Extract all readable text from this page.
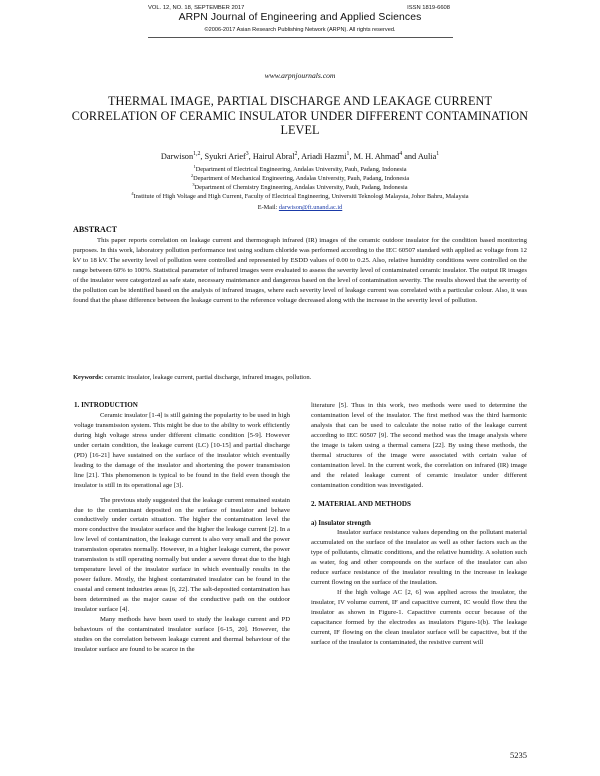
VOL. 12, NO. 18, SEPTEMBER 2017	ISSN 1819-6608
ARPN Journal of Engineering and Applied Sciences
©2006-2017 Asian Research Publishing Network (ARPN). All rights reserved.
www.arpnjournals.com
THERMAL IMAGE, PARTIAL DISCHARGE AND LEAKAGE CURRENT CORRELATION OF CERAMIC INSULATOR UNDER DIFFERENT CONTAMINATION LEVEL
Darwison$^{1,2}$, Syukri Arief$^3$, Hairul Abral$^2$, Ariadi Hazmi$^1$, M. H. Ahmad$^4$ and Aulia$^1$
$^1$Department of Electrical Engineering, Andalas University, Pauh, Padang, Indonesia
$^2$Department of Mechanical Engineering, Andalas University, Pauh, Padang, Indonesia
$^3$Department of Chemistry Engineering, Andalas University, Pauh, Padang, Indonesia
$^4$Institute of High Voltage and High Current, Faculty of Electrical Engineering, Universiti Teknologi Malaysia, Johor Bahru, Malaysia
E-Mail: darwison@ft.unand.ac.id
ABSTRACT
This paper reports correlation on leakage current and thermograph infrared (IR) images of the ceramic outdoor insulator for the condition based monitoring purposes. In this work, laboratory pollution performance test using sodium chloride was performed according to the IEC 60507 standard with applied ac voltage from 12 kV to 18 kV. The severity level of pollution were controlled and represented by ESDD values of 0.00 to 0.25. Also, relative humidity conditions were controlled on the range between 60% to 100%. Statistical parameter of infrared images were evaluated to assess the severity level of contaminated ceramic insulator. The output IR images of the insulator were categorized as safe state, necessary maintenance and dangerous based on the level of contamination severity. The results showed that the severity of the pollution can be identified based on the analysis of infrared images, where each severity level of leakage current was correlated with a particular colour. Also, it was found that the phase difference between the leakage current to the reference voltage decreased along with the increase in the severity level of pollution.
Keywords: ceramic insulator, leakage current, partial discharge, infrared images, pollution.

1. INTRODUCTION

Ceramic insulator [1-4] is still gaining the popularity to be used in high voltage transmission system. This might be due to the ability to work efficiently during high voltage stress under different climatic condition [5-9]. However under certain condition, the leakage current (LC) [10-15] and partial discharge (PD) [16-21] have sustained on the surface of the insulator which eventually leading to the damage of the insulator and shortening the power transmission line [21]. This phenomenon is typical to be found in the field even though the insulator is still in its operational age [3].

The previous study suggested that the leakage current remained sustain due to the contaminant deposited on the surface of insulator and behave conductively under certain situation. The higher the contamination level the more conductive the insulator surface and the higher the leakage current [2]. In a low level of contamination, the leakage current is also very small and the power transmission operates normally. However, in a higher leakage current, the power transmission is still operating normally but under a severe threat due to the high temperature level of the insulator surface in which eventually results in the power failure. Mostly, the highest contaminated insulator can be found in the coastal and cement industries areas [6, 22]. The salt-deposited contamination has been determined as the major cause of the conductive path on the outdoor insulator surface [4].

Many methods have been used to study the leakage current and PD behaviours of the contaminated insulator surface [6-15, 20]. However, the studies on the correlation between leakage current and thermal behaviour of the insulator surface are found to be scarce in the

literature [5]. Thus in this work, two methods were used to determine the contamination level of the insulator. The first method was the third harmonic analysis that can be used to calculate the noise ratio of the leakage current according to IEC 60507 [9]. The second method was the image analysis where the image is taken using a thermal camera [22]. By using these methods, the thermal structures of the image were associated with certain value of contamination level. In the current work, the correlation on infrared (IR) image and the related leakage current of ceramic insulator under different contamination condition was investigated.

2. MATERIAL AND METHODS

a) Insulator strength

Insulator surface resistance values depending on the pollutant material accumulated on the surface of the insulator as well as other factors such as the type of pollutants, climatic conditions, and the relative humidity. A solution such as water, fog and other compounds on the surface of the insulator can also reduce surface resistance of the insulator resulting in the increase in leakage current flowing on the surface of the insulation.

If the high voltage AC [2, 6] was applied across the insulator, the insulator, IV volume current, IF and capacitive current, IC would flow thru the insulator as shown in Figure-1. Capacitive currents occur because of the capacitance formed by the electrodes as insulators Figure-1(b). The leakage current, IF flowing on the clean insulator surface will be capacitive, but if the surface of the insulator is contaminated, the resistive current will

5235
